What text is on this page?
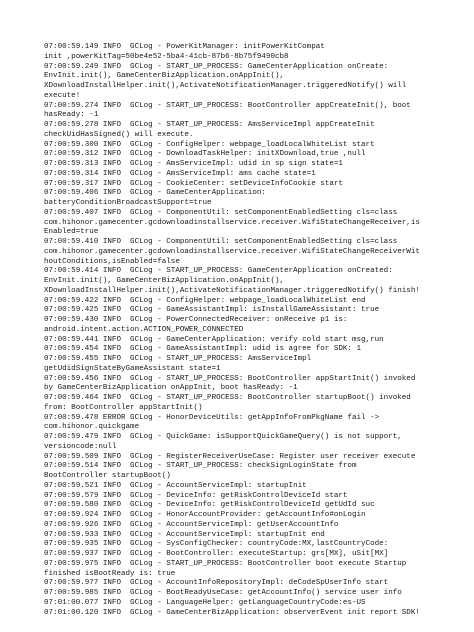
07:00:59.149 INFO  GCLog - PowerKitManager: initPowerKitCompat
init ,powerKitTag=50be4e52-5ba4-41cb-87b6-8b75f9490cb8
07:00:59.249 INFO  GCLog - START_UP_PROCESS: GameCenterApplication onCreate:
EnvInit.init(), GameCenterBizApplication.onAppInit(),
XDownloadInstallHelper.init(),ActivateNotificationManager.triggeredNotify() will
execute!
07:00:59.274 INFO  GCLog - START_UP_PROCESS: BootController appCreateInit(), boot
hasReady: -1
07:00:59.278 INFO  GCLog - START_UP_PROCESS: AmsServiceImpl appCreateInit
checkUidHasSigned() will execute.
07:00:59.300 INFO  GCLog - ConfigHelper: webpage_loadLocalWhiteList start
07:00:59.312 INFO  GCLog - DownloadTaskHelper: initXDownload,true ,null
07:00:59.313 INFO  GCLog - AmsServiceImpl: udid in sp sign state=1
07:00:59.314 INFO  GCLog - AmsServiceImpl: ams cache state=1
07:00:59.317 INFO  GCLog - CookieCenter: setDeviceInfoCookie start
07:00:59.406 INFO  GCLog - GameCenterApplication:
batteryConditionBroadcastSupport=true
07:00:59.407 INFO  GCLog - ComponentUtil: setComponentEnabledSetting cls=class
com.hihonor.gamecenter.gcdownloadinstallservice.receiver.WifiStateChangeReceiver,is
Enabled=true
07:00:59.410 INFO  GCLog - ComponentUtil: setComponentEnabledSetting cls=class
com.hihonor.gamecenter.gcdownloadinstallservice.receiver.WifiStateChangeReceiverWit
houtConditions,isEnabled=false
07:00:59.414 INFO  GCLog - START_UP_PROCESS: GameCenterApplication onCreated:
EnvInit.init(), GameCenterBizApplication.onAppInit(),
XDownloadInstallHelper.init(),ActivateNotificationManager.triggeredNotify() finish!
07:00:59.422 INFO  GCLog - ConfigHelper: webpage_loadLocalWhiteList end
07:00:59.425 INFO  GCLog - GameAssistantImpl: isInstallGameAssistant: true
07:00:59.430 INFO  GCLog - PowerConnectedReceiver: onReceive p1 is:
android.intent.action.ACTION_POWER_CONNECTED
07:00:59.441 INFO  GCLog - GameCenterApplication: verify cold start msg,run
07:00:59.454 INFO  GCLog - GameAssistantImpl: udid is agree for SDK: 1
07:00:59.455 INFO  GCLog - START_UP_PROCESS: AmsServiceImpl
getUdidSignStateByGameAssistant state=1
07:00:59.456 INFO  GCLog - START_UP_PROCESS: BootController appStartInit() invoked
by GameCenterBizApplication onAppInit, boot hasReady: -1
07:00:59.464 INFO  GCLog - START_UP_PROCESS: BootController startupBoot() invoked
from: BootController appStartInit()
07:00:59.478 ERROR GCLog - HonorDeviceUtils: getAppInfoFromPkgName fail ->
com.hihonor.quickgame
07:00:59.479 INFO  GCLog - QuickGame: isSupportQuickGameQuery() is not support,
versioncode:null
07:00:59.509 INFO  GCLog - RegisterReceiverUseCase: Register user receiver execute
07:00:59.514 INFO  GCLog - START_UP_PROCESS: checkSignLoginState from
BootController startupBoot()
07:00:59.521 INFO  GCLog - AccountServiceImpl: startupInit
07:00:59.579 INFO  GCLog - DeviceInfo: getRiskControlDeviceId start
07:00:59.580 INFO  GCLog - DeviceInfo: getRiskControlDeviceId getUdId suc
07:00:59.924 INFO  GCLog - HonorAccountProvider: getAccountInfo#onLogin
07:00:59.926 INFO  GCLog - AccountServiceImpl: getUserAccountInfo
07:00:59.933 INFO  GCLog - AccountServiceImpl: startupInit end
07:00:59.935 INFO  GCLog - SysConfigChecker: countryCode:MX,lastCountryCode:
07:00:59.937 INFO  GCLog - BootController: executeStartup: grs[MX], uSit[MX]
07:00:59.975 INFO  GCLog - START_UP_PROCESS: BootController boot execute Startup
finished isBootReady is: true
07:00:59.977 INFO  GCLog - AccountInfoRepositoryImpl: deCodeSpUserInfo start
07:00:59.985 INFO  GCLog - BootReadyUseCase: getAccountInfo() service user info
07:01:00.077 INFO  GCLog - LanguageHelper: getLanguageCountryCode:es-US
07:01:00.120 INFO  GCLog - GameCenterBizApplication: observerEvent init report SDK!
